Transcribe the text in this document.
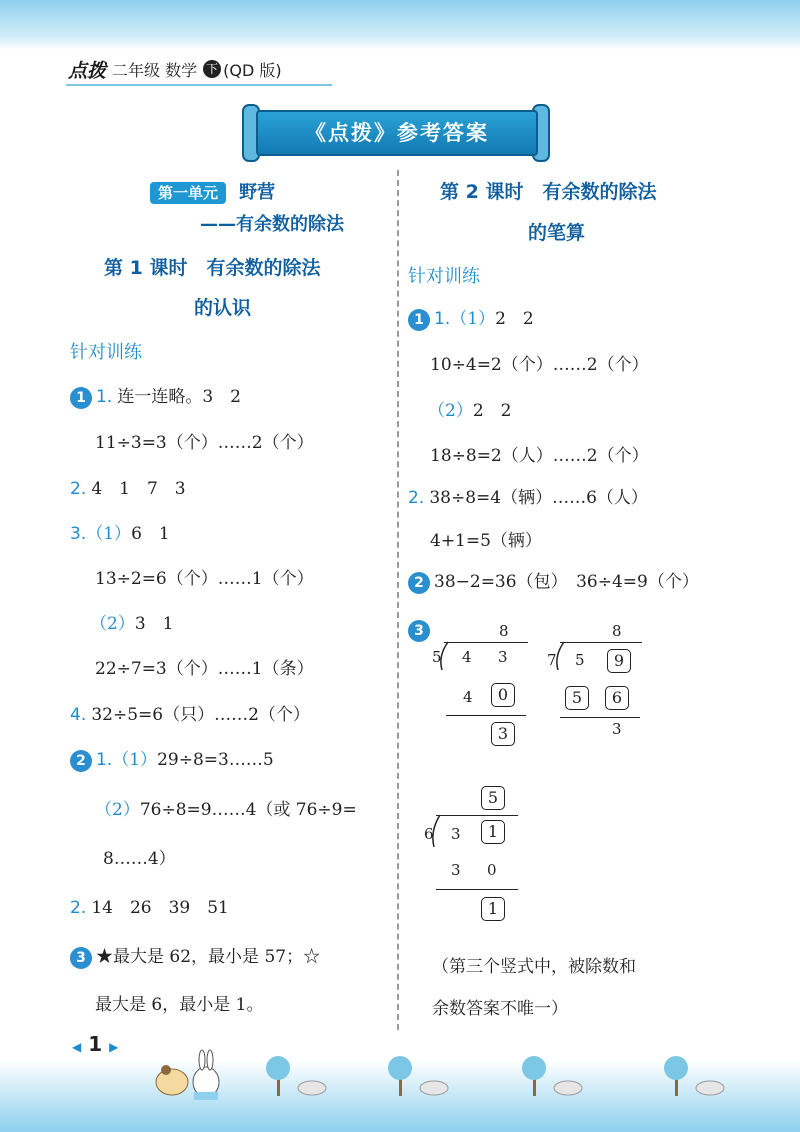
点拨 二年级 数学 下 (QD 版)
《点拨》参考答案
第一单元 野营
——有余数的除法
第 1 课时　有余数的除法
的认识
针对训练
1 1. 连一连略。3　2
11÷3=3（个）……2（个）
2. 4　1　7　3
3.（1）6　1
13÷2=6（个）……1（个）
（2）3　1
22÷7=3（个）……1（条）
4. 32÷5=6（只）……2（个）
2 1.（1）29÷8=3……5
（2）76÷8=9……4（或 76÷9=
8……4）
2. 14　26　39　51
3 ★最大是 62，最小是 57；☆
最大是 6，最小是 1。
第 2 课时　有余数的除法
的笔算
针对训练
1 1.（1）2　2
10÷4=2（个）……2（个）
（2）2　2
18÷8=2（人）……2（个）
2. 38÷8=4（辆）……6（人）
4+1=5（辆）
2 38−2=36（包）　36÷4=9（个）
3	8
5 4 3
4	0
3
8
7 5	9
5	6
3
5
6 3	1
3 0
1
（第三个竖式中，被除数和
余数答案不唯一）
◀ 1 ▶
